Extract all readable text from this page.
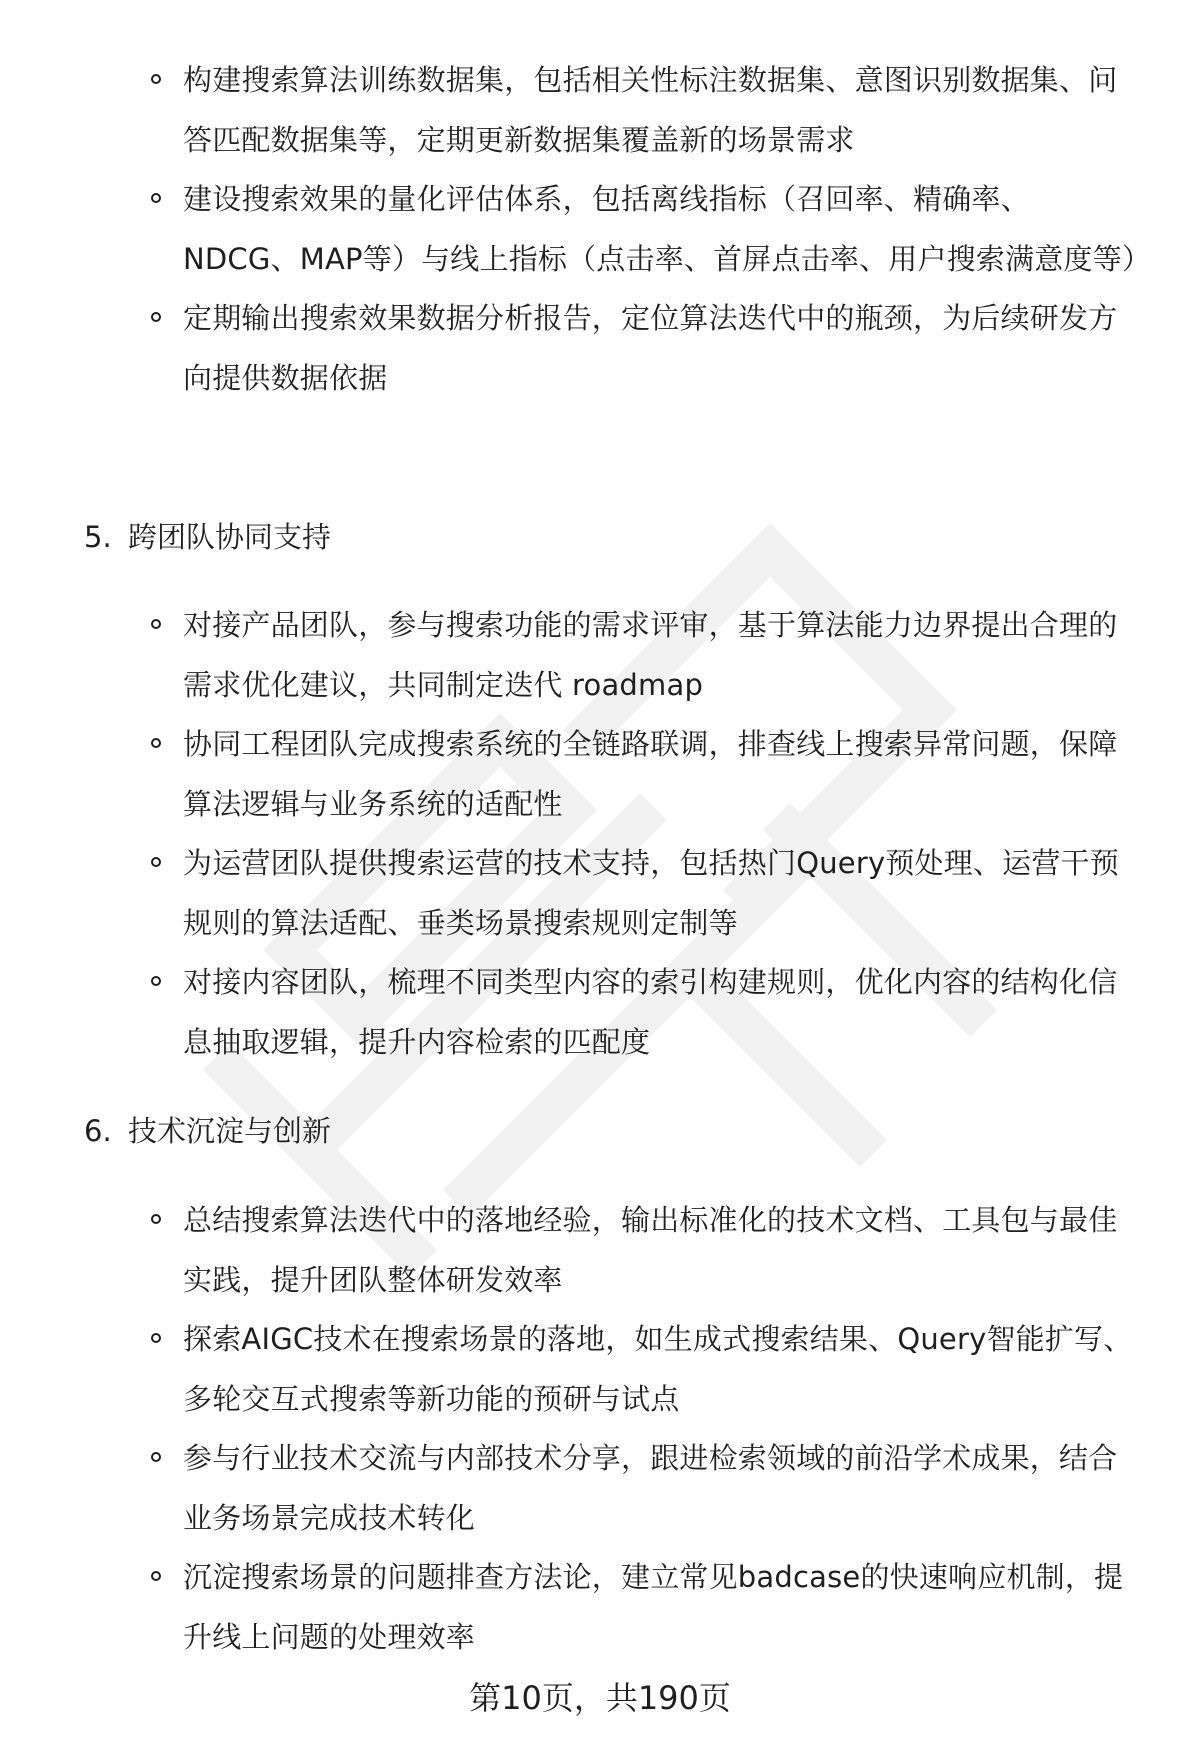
构建搜索算法训练数据集，包括相关性标注数据集、意图识别数据集、问答匹配数据集等，定期更新数据集覆盖新的场景需求
建设搜索效果的量化评估体系，包括离线指标（召回率、精确率、NDCG、MAP等）与线上指标（点击率、首屏点击率、用户搜索满意度等）
定期输出搜索效果数据分析报告，定位算法迭代中的瓶颈，为后续研发方向提供数据依据
5. 跨团队协同支持
对接产品团队，参与搜索功能的需求评审，基于算法能力边界提出合理的需求优化建议，共同制定迭代 roadmap
协同工程团队完成搜索系统的全链路联调，排查线上搜索异常问题，保障算法逻辑与业务系统的适配性
为运营团队提供搜索运营的技术支持，包括热门Query预处理、运营干预规则的算法适配、垂类场景搜索规则定制等
对接内容团队，梳理不同类型内容的索引构建规则，优化内容的结构化信息抽取逻辑，提升内容检索的匹配度
6. 技术沉淀与创新
总结搜索算法迭代中的落地经验，输出标准化的技术文档、工具包与最佳实践，提升团队整体研发效率
探索AIGC技术在搜索场景的落地，如生成式搜索结果、Query智能扩写、多轮交互式搜索等新功能的预研与试点
参与行业技术交流与内部技术分享，跟进检索领域的前沿学术成果，结合业务场景完成技术转化
沉淀搜索场景的问题排查方法论，建立常见badcase的快速响应机制，提升线上问题的处理效率
第10页，共190页
